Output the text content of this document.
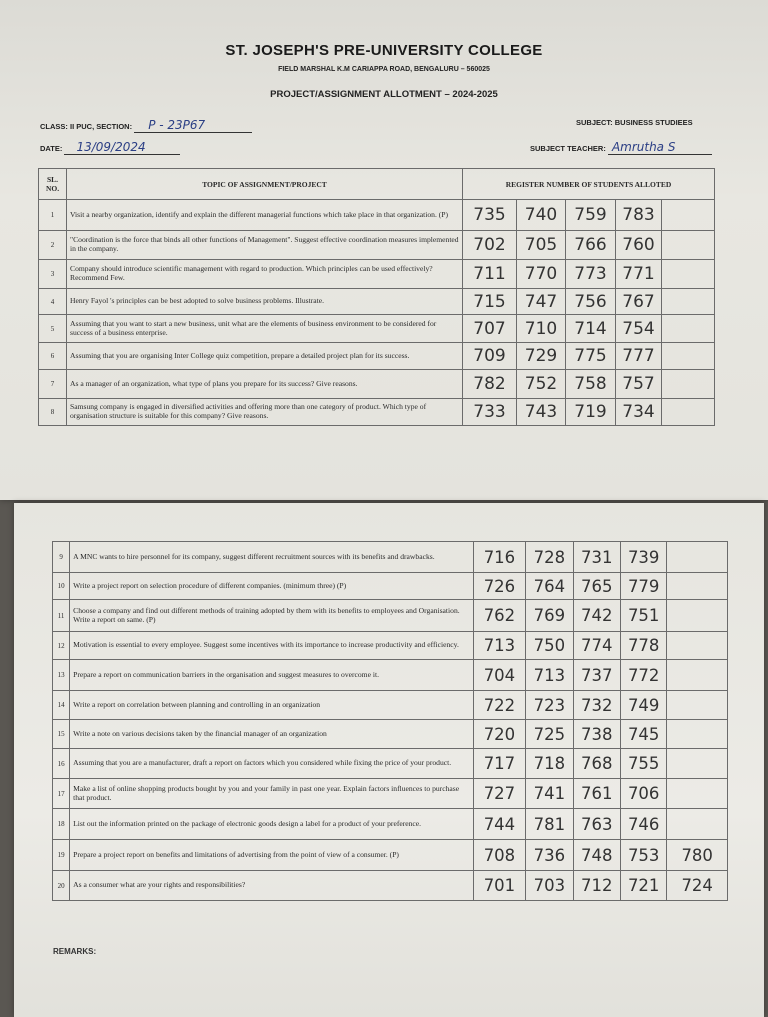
ST. JOSEPH'S PRE-UNIVERSITY COLLEGE
FIELD MARSHAL K.M CARIAPPA ROAD, BENGALURU – 560025
PROJECT/ASSIGNMENT ALLOTMENT – 2024-2025
CLASS: II PUC, SECTION: P - 23P67	SUBJECT: BUSINESS STUDIEES
DATE: 13/09/2024	SUBJECT TEACHER: Amrutha S
SL. NO.	TOPIC OF ASSIGNMENT/PROJECT	REGISTER NUMBER OF STUDENTS ALLOTED				
1	Visit a nearby organization, identify and explain the different managerial functions which take place in that organization. (P)	735	740	759	783	
2	"Coordination is the force that binds all other functions of Management". Suggest effective coordination measures implemented in the company.	702	705	766	760	
3	Company should introduce scientific management with regard to production. Which principles can be used effectively? Recommend Few.	711	770	773	771	
4	Henry Fayol 's principles can be best adopted to solve business problems. Illustrate.	715	747	756	767	
5	Assuming that you want to start a new business, unit what are the elements of business environment to be considered for success of a business enterprise.	707	710	714	754	
6	Assuming that you are organising Inter College quiz competition, prepare a detailed project plan for its success.	709	729	775	777	
7	As a manager of an organization, what type of plans you prepare for its success? Give reasons.	782	752	758	757	
8	Samsung company is engaged in diversified activities and offering more than one category of product. Which type of organisation structure is suitable for this company? Give reasons.	733	743	719	734	
REMARKS:
9	A MNC wants to hire personnel for its company, suggest different recruitment sources with its benefits and drawbacks.	716	728	731	739	
10	Write a project report on selection procedure of different companies. (minimum three) (P)	726	764	765	779	
11	Choose a company and find out different methods of training adopted by them with its benefits to employees and Organisation. Write a report on same. (P)	762	769	742	751	
12	Motivation is essential to every employee. Suggest some incentives with its importance to increase productivity and efficiency.	713	750	774	778	
13	Prepare a report on communication barriers in the organisation and suggest measures to overcome it.	704	713	737	772	
14	Write a report on correlation between planning and controlling in an organization	722	723	732	749	
15	Write a note on various decisions taken by the financial manager of an organization	720	725	738	745	
16	Assuming that you are a manufacturer, draft a report on factors which you considered while fixing the price of your product.	717	718	768	755	
17	Make a list of online shopping products bought by you and your family in past one year. Explain factors influences to purchase that product.	727	741	761	706	
18	List out the information printed on the package of electronic goods design a label for a product of your preference.	744	781	763	746	
19	Prepare a project report on benefits and limitations of advertising from the point of view of a consumer. (P)	708	736	748	753	780
20	As a consumer what are your rights and responsibilities?	701	703	712	721	724
